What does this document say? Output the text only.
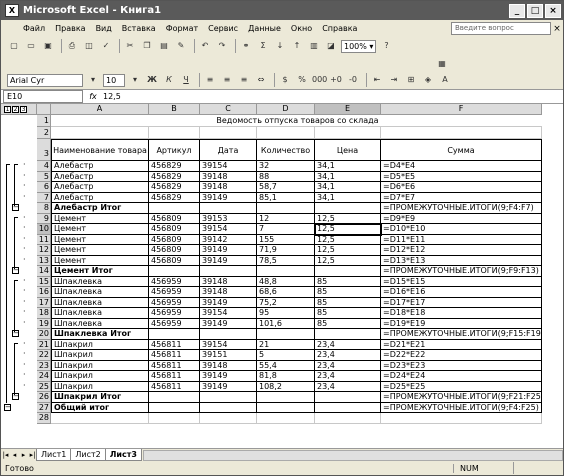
X Microsoft Excel - Книга1	_	□	×
Файл	Правка	Вид	Вставка	Формат	Сервис	Данные	Окно	Справка	Введите вопрос	×
▢	▭	▣	⎙	◫	✓	✂	❐	▤	✎	↶	↷	⚭	Σ	↓	↑	▥	◪	100% ▾	?
▦
Arial Cyr	▾	10	▾	Ж	К	Ч	≡	≡	≡	⇔	$	% 000 +0 -0	⇤	⇥	⊞	◈	A
E10	fx 12,5
1 2 3	A	B	C	D	E	F
1	Ведомость отпуска товаров со склада
2
3 Наименование товара	Артикул	Дата	Количество	Цена	Сумма
4 Алебастр	456829	39154	32	34,1	=D4*E4
·
5 Алебастр	456829	39148	88	34,1	=D5*E5
·
6 Алебастр	456829	39148	58,7	34,1	=D6*E6
·
7 Алебастр	456829	39149	85,1	34,1	=D7*E7
·
8 Алебастр Итог	=ПРОМЕЖУТОЧНЫЕ.ИТОГИ(9;F4:F7)
−
9 Цемент	456809	39153	12	12,5	=D9*E9
·
10 Цемент	456809	39154	7	12,5	=D10*E10
·
11 Цемент	456809	39142	155	12,5	=D11*E11
·
12 Цемент	456809	39149	71,9	12,5	=D12*E12
·
13 Цемент	456809	39149	78,5	12,5	=D13*E13
·
14 Цемент Итог	=ПРОМЕЖУТОЧНЫЕ.ИТОГИ(9;F9:F13)
−
15 Шпаклевка	456959	39148	48,8	85	=D15*E15
·
16 Шпаклевка	456959	39148	68,6	85	=D16*E16
·
17 Шпаклевка	456959	39149	75,2	85	=D17*E17
·
18 Шпаклевка	456959	39154	95	85	=D18*E18
·
19 Шпаклевка	456959	39149	101,6	85	=D19*E19
·
20 Шпаклевка Итог	=ПРОМЕЖУТОЧНЫЕ.ИТОГИ(9;F15:F19
−
21 Шпакрил	456811	39154	21	23,4	=D21*E21
·
22 Шпакрил	456811	39151	5	23,4	=D22*E22
·
23 Шпакрил	456811	39148	55,4	23,4	=D23*E23
·
24 Шпакрил	456811	39149	81,8	23,4	=D24*E24
·
25 Шпакрил	456811	39149	108,2	23,4	=D25*E25
·
26 Шпакрил Итог	=ПРОМЕЖУТОЧНЫЕ.ИТОГИ(9;F21:F25
−
27 Общий итог	=ПРОМЕЖУТОЧНЫЕ.ИТОГИ(9;F4:F25)
−
28
|◂ ◂ ▸ ▸| Лист1	Лист2	Лист3
Готово	NUM
